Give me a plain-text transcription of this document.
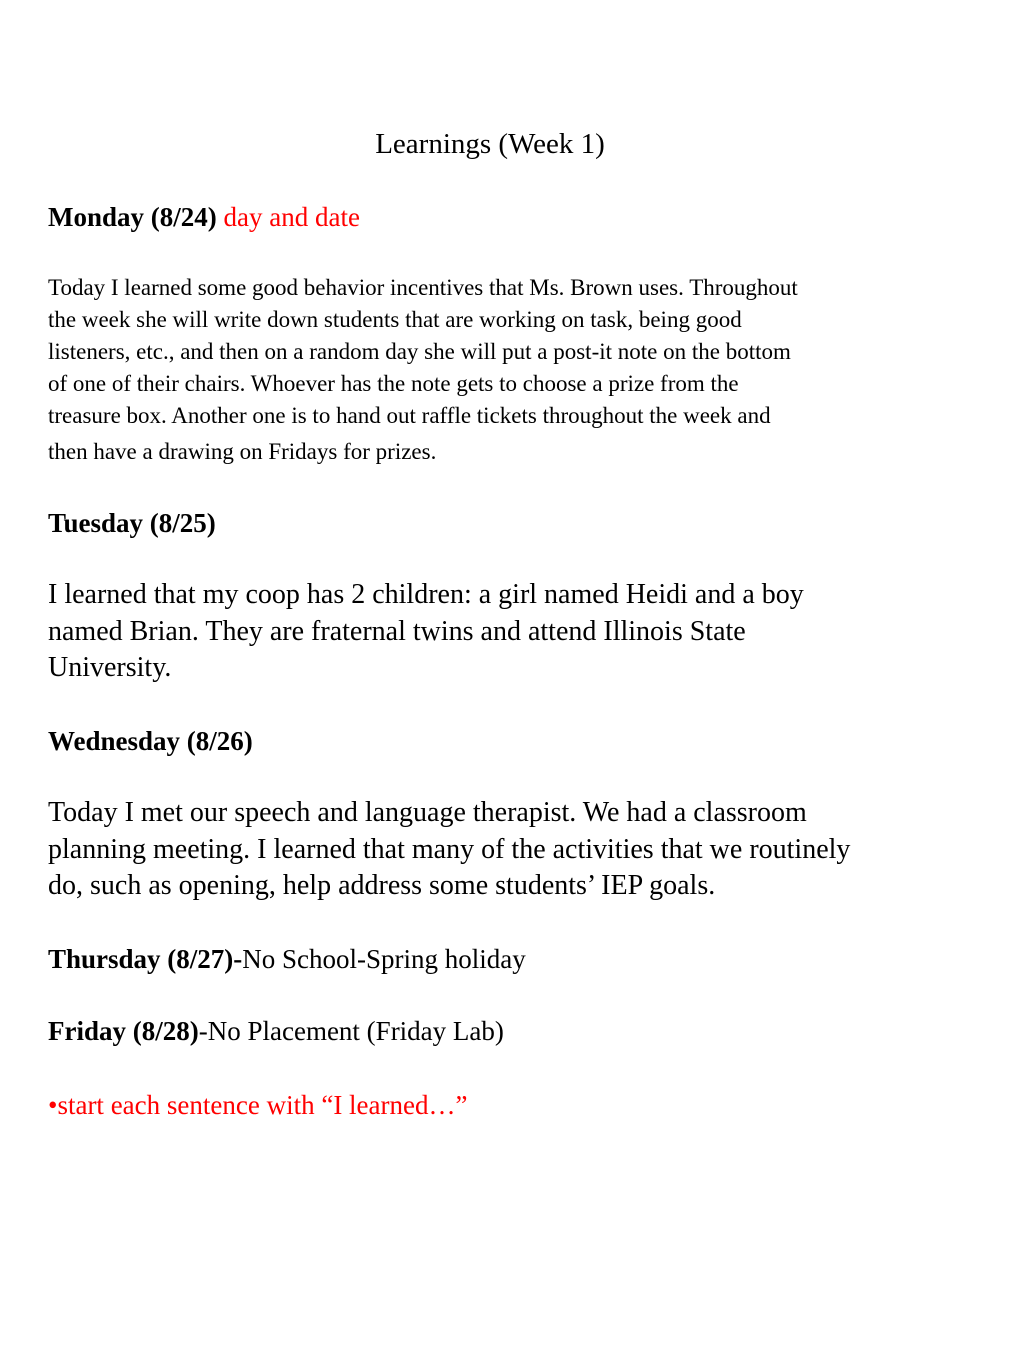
Learnings (Week 1)
Monday (8/24) day and date
Today I learned some good behavior incentives that Ms. Brown uses. Throughout
the week she will write down students that are working on task, being good
listeners, etc., and then on a random day she will put a post-it note on the bottom
of one of their chairs. Whoever has the note gets to choose a prize from the
treasure box. Another one is to hand out raffle tickets throughout the week and
then have a drawing on Fridays for prizes.
Tuesday (8/25)
I learned that my coop has 2 children: a girl named Heidi and a boy
named Brian. They are fraternal twins and attend Illinois State
University.
Wednesday (8/26)
Today I met our speech and language therapist. We had a classroom
planning meeting. I learned that many of the activities that we routinely
do, such as opening, help address some students’ IEP goals.
Thursday (8/27)-No School-Spring holiday
Friday (8/28)-No Placement (Friday Lab)
•start each sentence with “I learned…”
